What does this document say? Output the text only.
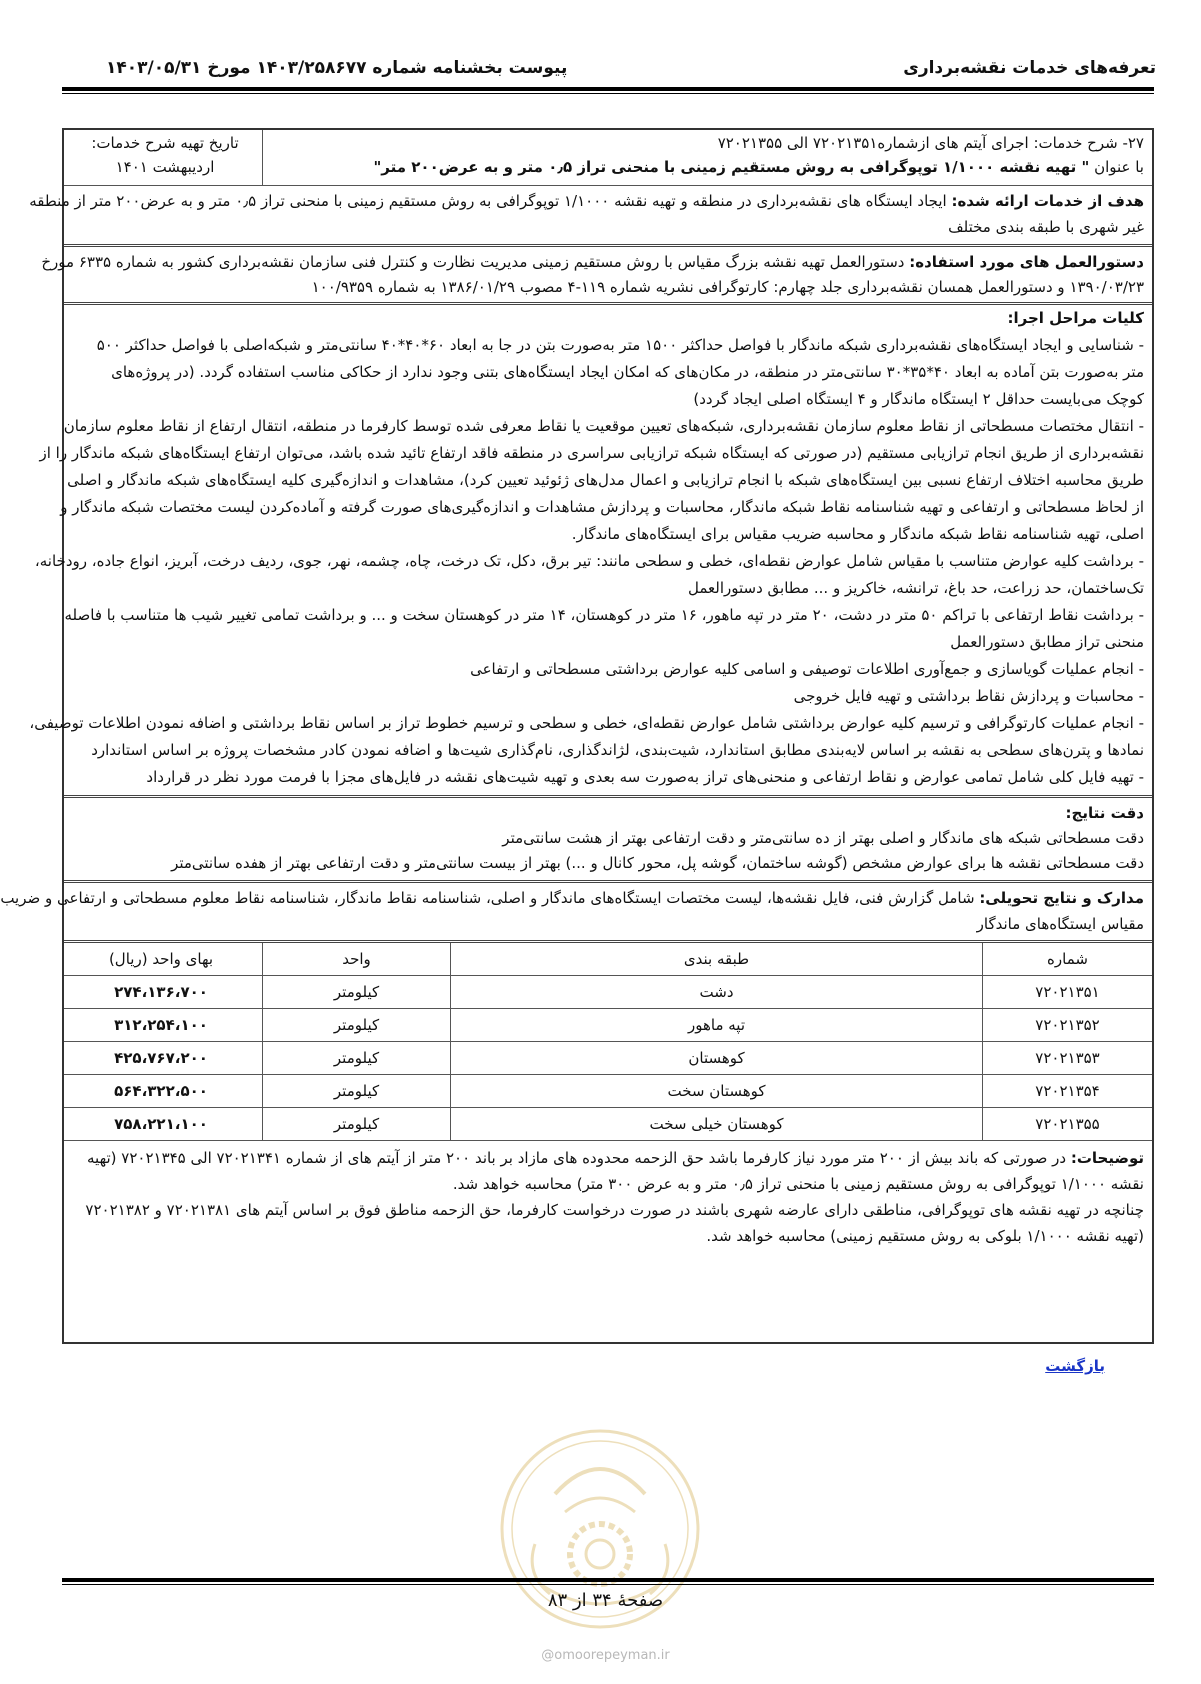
تعرفه‌های خدمات نقشه‌برداری
پیوست بخشنامه شماره ۱۴۰۳/۲۵۸۶۷۷ مورخ ۱۴۰۳/۰۵/۳۱
۲۷- شرح خدمات: اجرای آیتم های ازشماره۷۲۰۲۱۳۵۱ الی ۷۲۰۲۱۳۵۵
با عنوان " تهیه نقشه ۱/۱۰۰۰ توپوگرافی به روش مستقیم زمینی با منحنی تراز ۰٫۵ متر و به عرض۲۰۰ متر"
تاریخ تهیه شرح خدمات:
اردیبهشت ۱۴۰۱
هدف از خدمات ارائه شده: ایجاد ایستگاه های نقشه‌برداری در منطقه و تهیه نقشه ۱/۱۰۰۰ توپوگرافی به روش مستقیم زمینی با منحنی تراز ۰٫۵ متر و به عرض۲۰۰ متر از منطقه
غیر شهری با طبقه بندی مختلف
دستورالعمل های مورد استفاده: دستورالعمل تهیه نقشه بزرگ مقیاس با روش مستقیم زمینی مدیریت نظارت و کنترل فنی سازمان نقشه‌برداری کشور به شماره ۶۳۳۵ مورخ
۱۳۹۰/۰۳/۲۳ و دستورالعمل همسان نقشه‌برداری جلد چهارم: کارتوگرافی نشریه شماره ۱۱۹-۴ مصوب ۱۳۸۶/۰۱/۲۹ به شماره ۱۰۰/۹۳۵۹
کلیات مراحل اجرا:
- شناسایی و ایجاد ایستگاه‌های نقشه‌برداری شبکه ماندگار با فواصل حداکثر ۱۵۰۰ متر به‌صورت بتن در جا به ابعاد ۶۰*۴۰*۴۰ سانتی‌متر و شبکه‌اصلی با فواصل حداکثر ۵۰۰
متر به‌صورت بتن آماده به ابعاد ۴۰*۳۵*۳۰ سانتی‌متر در منطقه، در مکان‌های که امکان ایجاد ایستگاه‌های بتنی وجود ندارد از حکاکی مناسب استفاده گردد. (در پروژه‌های
کوچک می‌بایست حداقل ۲ ایستگاه ماندگار و ۴ ایستگاه اصلی ایجاد گردد)
- انتقال مختصات مسطحاتی از نقاط معلوم سازمان نقشه‌برداری، شبکه‌های تعیین موقعیت یا نقاط معرفی شده توسط کارفرما در منطقه، انتقال ارتفاع از نقاط معلوم سازمان
نقشه‌برداری از طریق انجام ترازیابی مستقیم (در صورتی که ایستگاه شبکه ترازیابی سراسری در منطقه فاقد ارتفاع تائید شده باشد، می‌توان ارتفاع ایستگاه‌های شبکه ماندگار را از
طریق محاسبه اختلاف ارتفاع نسبی بین ایستگاه‌های شبکه با انجام ترازیابی و اعمال مدل‌های ژئوئید تعیین کرد)، مشاهدات و اندازه‌گیری کلیه ایستگاه‌های شبکه ماندگار و اصلی
از لحاظ مسطحاتی و ارتفاعی و تهیه شناسنامه نقاط شبکه ماندگار، محاسبات و پردازش مشاهدات و اندازه‌گیری‌های صورت گرفته و آماده‌کردن لیست مختصات شبکه ماندگار و
اصلی، تهیه شناسنامه نقاط شبکه ماندگار و محاسبه ضریب مقیاس برای ایستگاه‌های ماندگار.
- برداشت کلیه عوارض متناسب با مقیاس شامل عوارض نقطه‌ای، خطی و سطحی مانند: تیر برق، دکل، تک درخت، چاه، چشمه، نهر، جوی، ردیف درخت، آبریز، انواع جاده، رودخانه،
تک‌ساختمان، حد زراعت، حد باغ، ترانشه، خاکریز و ... مطابق دستورالعمل
- برداشت نقاط ارتفاعی با تراکم ۵۰ متر در دشت، ۲۰ متر در تپه ماهور، ۱۶ متر در کوهستان، ۱۴ متر در کوهستان سخت و ... و برداشت تمامی تغییر شیب ها متناسب با فاصله
منحنی تراز مطابق دستورالعمل
- انجام عملیات گویاسازی و جمع‌آوری اطلاعات توصیفی و اسامی کلیه عوارض برداشتی مسطحاتی و ارتفاعی
- محاسبات و پردازش نقاط برداشتی و تهیه فایل خروجی
- انجام عملیات کارتوگرافی و ترسیم کلیه عوارض برداشتی شامل عوارض نقطه‌ای، خطی و سطحی و ترسیم خطوط تراز بر اساس نقاط برداشتی و اضافه نمودن اطلاعات توصیفی،
نمادها و پترن‌های سطحی به نقشه بر اساس لایه‌بندی مطابق استاندارد، شیت‌بندی، لژاندگذاری، نام‌گذاری شیت‌ها و اضافه نمودن کادر مشخصات پروژه بر اساس استاندارد
- تهیه فایل کلی شامل تمامی عوارض و نقاط ارتفاعی و منحنی‌های تراز به‌صورت سه بعدی و تهیه شیت‌های نقشه در فایل‌های مجزا با فرمت مورد نظر در قرارداد
دقت نتایج:
دقت مسطحاتی شبکه های ماندگار و اصلی بهتر از ده سانتی‌متر و دقت ارتفاعی بهتر از هشت سانتی‌متر
دقت مسطحاتی نقشه ها برای عوارض مشخص (گوشه ساختمان، گوشه پل، محور کانال و ...) بهتر از بیست سانتی‌متر و دقت ارتفاعی بهتر از هفده سانتی‌متر
مدارک و نتایج تحویلی: شامل گزارش فنی، فایل نقشه‌ها، لیست مختصات ایستگاه‌های ماندگار و اصلی، شناسنامه نقاط ماندگار، شناسنامه نقاط معلوم مسطحاتی و ارتفاعی و ضریب
مقیاس ایستگاه‌های ماندگار
شماره
طبقه بندی
واحد
بهای واحد (ریال)
۷۲۰۲۱۳۵۱
دشت
کیلومتر
۲۷۴،۱۳۶،۷۰۰
۷۲۰۲۱۳۵۲
تپه ماهور
کیلومتر
۳۱۲،۲۵۴،۱۰۰
۷۲۰۲۱۳۵۳
کوهستان
کیلومتر
۴۲۵،۷۶۷،۲۰۰
۷۲۰۲۱۳۵۴
کوهستان سخت
کیلومتر
۵۶۴،۳۲۲،۵۰۰
۷۲۰۲۱۳۵۵
کوهستان خیلی سخت
کیلومتر
۷۵۸،۲۲۱،۱۰۰
توضیحات: در صورتی که باند بیش از ۲۰۰ متر مورد نیاز کارفرما باشد حق الزحمه محدوده های مازاد بر باند ۲۰۰ متر از آیتم های از شماره ۷۲۰۲۱۳۴۱ الی ۷۲۰۲۱۳۴۵ (تهیه
نقشه ۱/۱۰۰۰ توپوگرافی به روش مستقیم زمینی با منحنی تراز ۰٫۵ متر و به عرض ۳۰۰ متر) محاسبه خواهد شد.
چنانچه در تهیه نقشه های توپوگرافی، مناطقی دارای عارضه شهری باشند در صورت درخواست کارفرما، حق الزحمه مناطق فوق بر اساس آیتم های ۷۲۰۲۱۳۸۱ و ۷۲۰۲۱۳۸۲
(تهیه نقشه ۱/۱۰۰۰ بلوکی به روش مستقیم زمینی) محاسبه خواهد شد.
بازگشت
صفحهٔ ۳۴ از ۸۳
@omoorepeyman.ir
